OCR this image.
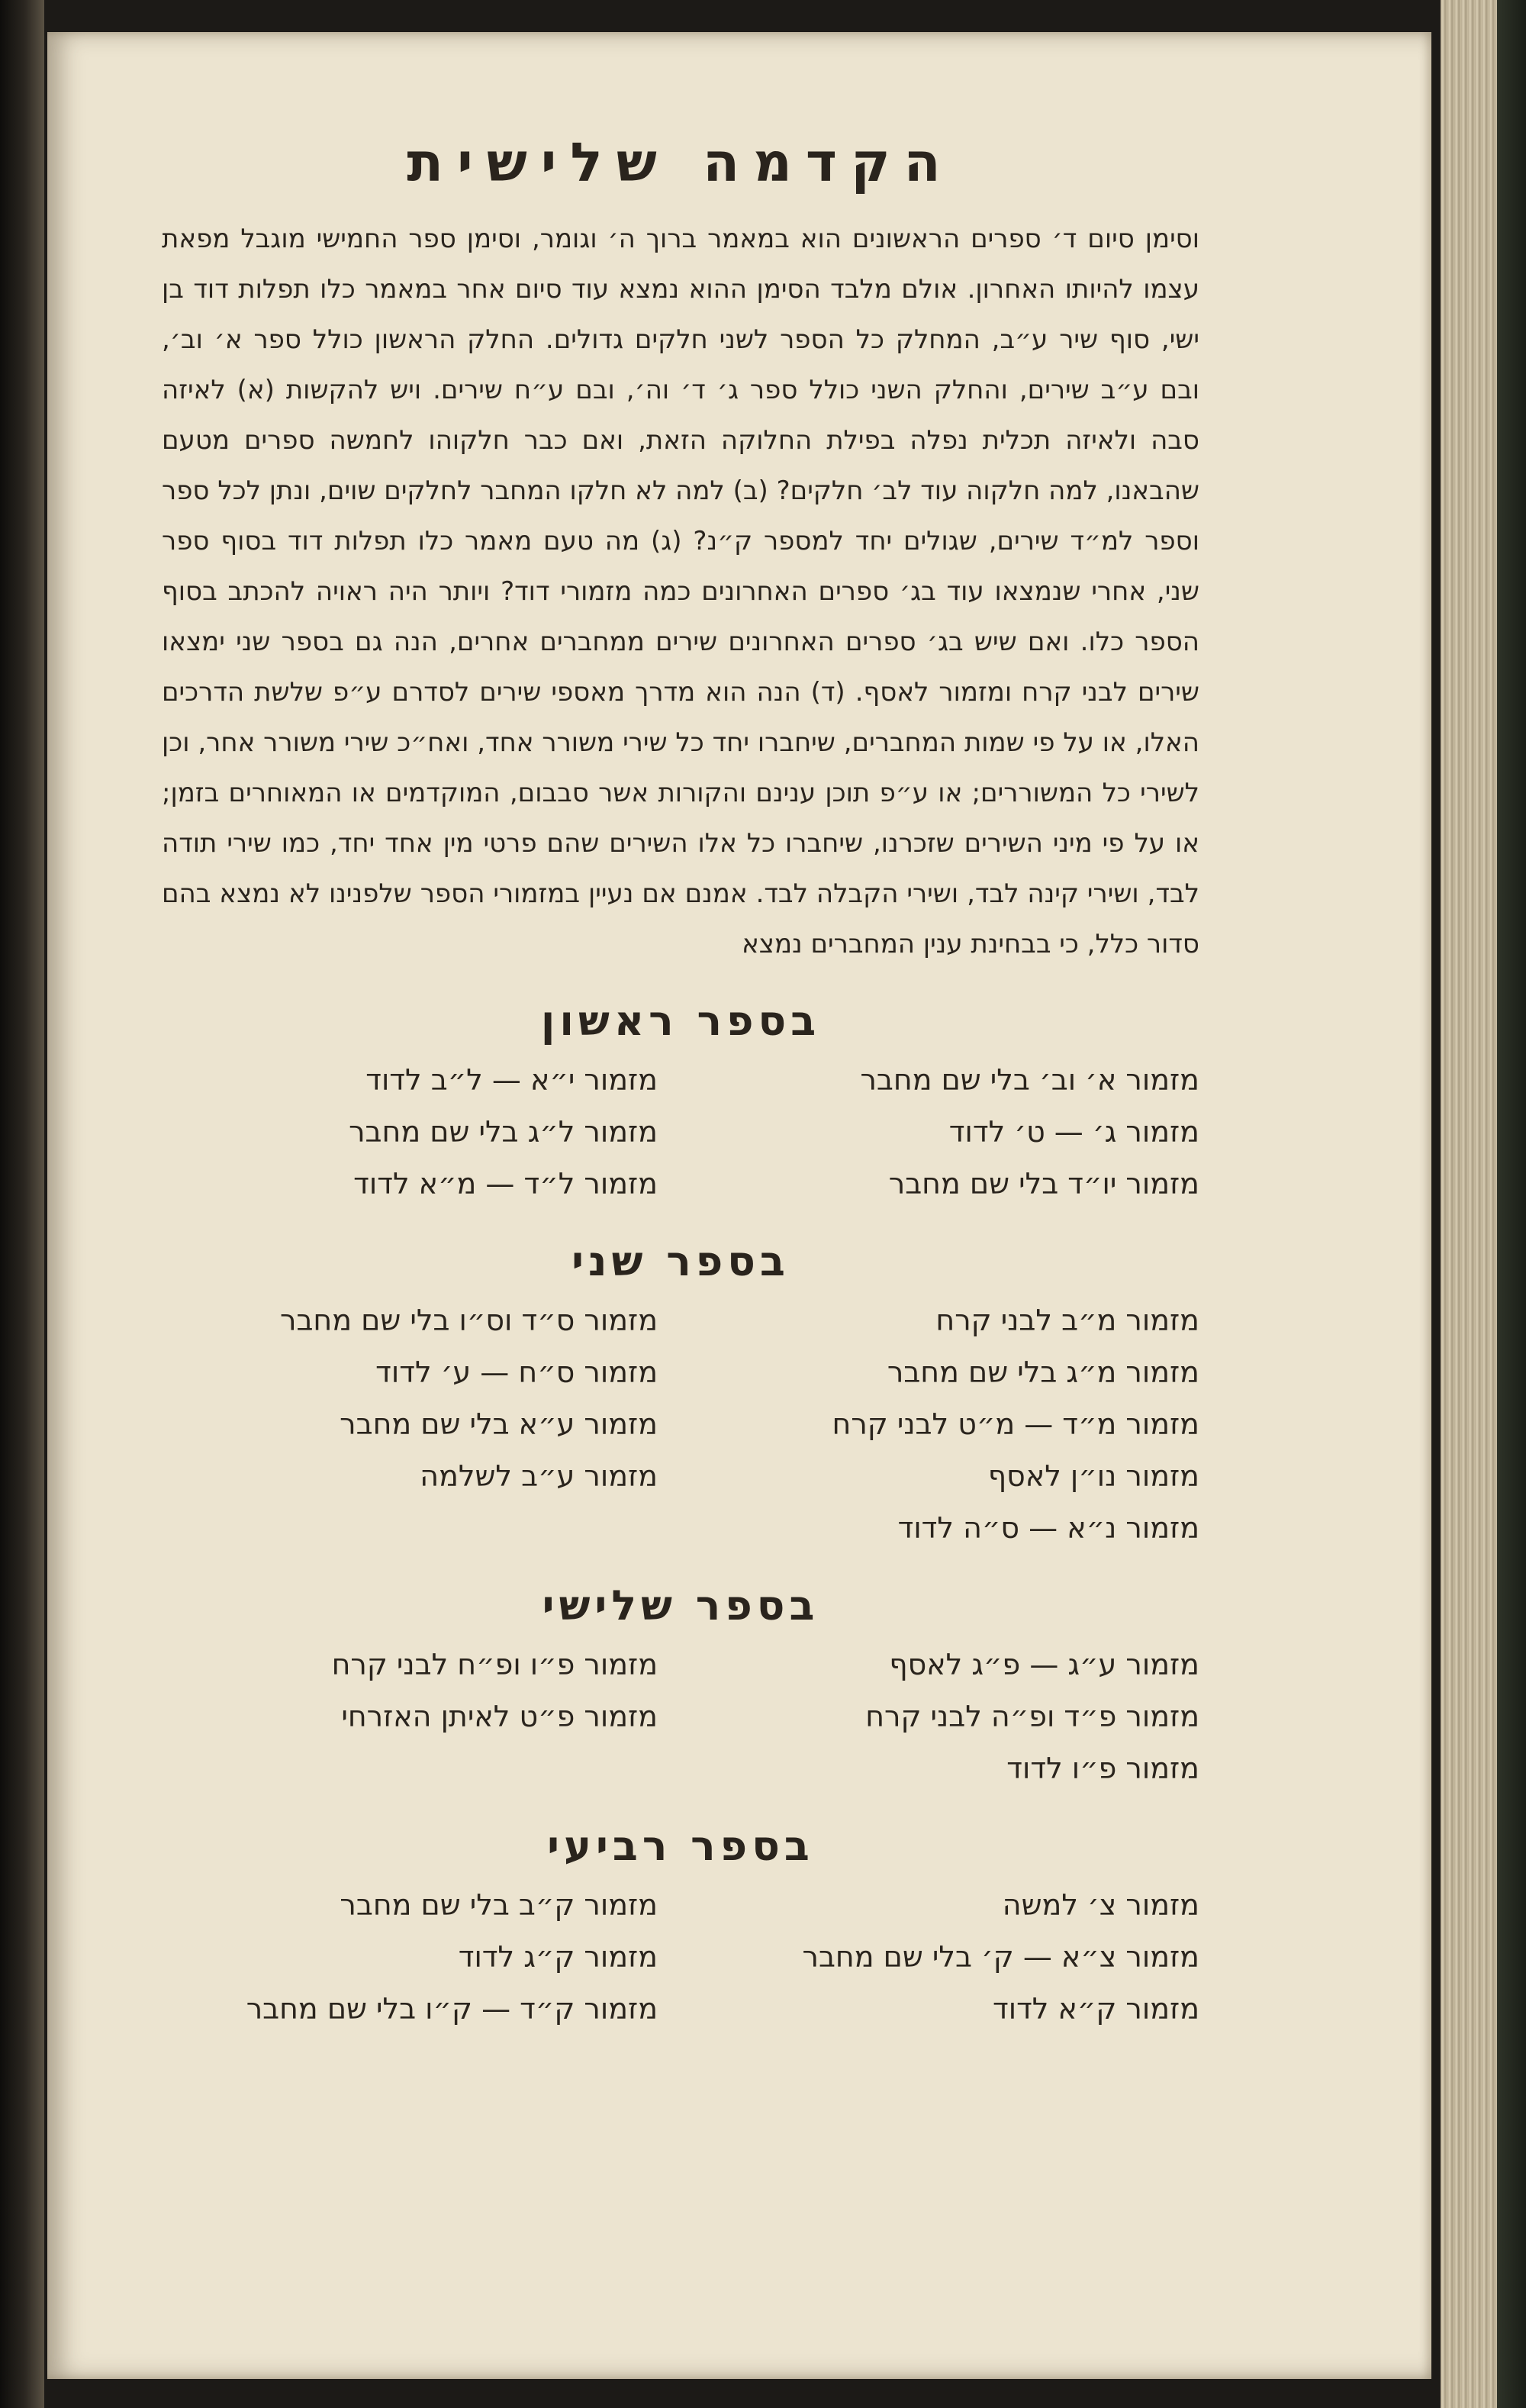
הקדמה שלישית

וסימן סיום ד׳ ספרים הראשונים הוא במאמר ברוך ה׳ וגומר, וסימן ספר החמישי מוגבל מפאת עצמו להיותו האחרון. אולם מלבד הסימן ההוא נמצא עוד סיום אחר במאמר כלו תפלות דוד בן ישי, סוף שיר ע״ב, המחלק כל הספר לשני חלקים גדולים. החלק הראשון כולל ספר א׳ וב׳, ובם ע״ב שירים, והחלק השני כולל ספר ג׳ ד׳ וה׳, ובם ע״ח שירים. ויש להקשות (א) לאיזה סבה ולאיזה תכלית נפלה בפילת החלוקה הזאת, ואם כבר חלקוהו לחמשה ספרים מטעם שהבאנו, למה חלקוה עוד לב׳ חלקים? (ב) למה לא חלקו המחבר לחלקים שוים, ונתן לכל ספר וספר למ״ד שירים, שגולים יחד למספר ק״נ? (ג) מה טעם מאמר כלו תפלות דוד בסוף ספר שני, אחרי שנמצאו עוד בג׳ ספרים האחרונים כמה מזמורי דוד? ויותר היה ראויה להכתב בסוף הספר כלו. ואם שיש בג׳ ספרים האחרונים שירים ממחברים אחרים, הנה גם בספר שני ימצאו שירים לבני קרח ומזמור לאסף. (ד) הנה הוא מדרך מאספי שירים לסדרם ע״פ שלשת הדרכים האלו, או על פי שמות המחברים, שיחברו יחד כל שירי משורר אחד, ואח״כ שירי משורר אחר, וכן לשירי כל המשוררים; או ע״פ תוכן ענינם והקורות אשר סבבום, המוקדמים או המאוחרים בזמן; או על פי מיני השירים שזכרנו, שיחברו כל אלו השירים שהם פרטי מין אחד יחד, כמו שירי תודה לבד, ושירי קינה לבד, ושירי הקבלה לבד. אמנם אם נעיין במזמורי הספר שלפנינו לא נמצא בהם סדור כלל, כי בבחינת ענין המחברים נמצא

בספר ראשון
מזמור א׳ וב׳ בלי שם מחבר
מזמור י״א — ל״ב לדוד
מזמור ג׳ — ט׳ לדוד
מזמור ל״ג בלי שם מחבר
מזמור יו״ד בלי שם מחבר
מזמור ל״ד — מ״א לדוד
בספר שני
מזמור מ״ב לבני קרח
מזמור ס״ד וס״ו בלי שם מחבר
מזמור מ״ג בלי שם מחבר
מזמור ס״ח — ע׳ לדוד
מזמור מ״ד — מ״ט לבני קרח
מזמור ע״א בלי שם מחבר
מזמור נו״ן לאסף
מזמור ע״ב לשלמה
מזמור נ״א — ס״ה לדוד
בספר שלישי
מזמור ע״ג — פ״ג לאסף
מזמור פ״ו ופ״ח לבני קרח
מזמור פ״ד ופ״ה לבני קרח
מזמור פ״ט לאיתן האזרחי
מזמור פ״ו לדוד
בספר רביעי
מזמור צ׳ למשה
מזמור ק״ב בלי שם מחבר
מזמור צ״א — ק׳ בלי שם מחבר
מזמור ק״ג לדוד
מזמור ק״א לדוד
מזמור ק״ד — ק״ו בלי שם מחבר
